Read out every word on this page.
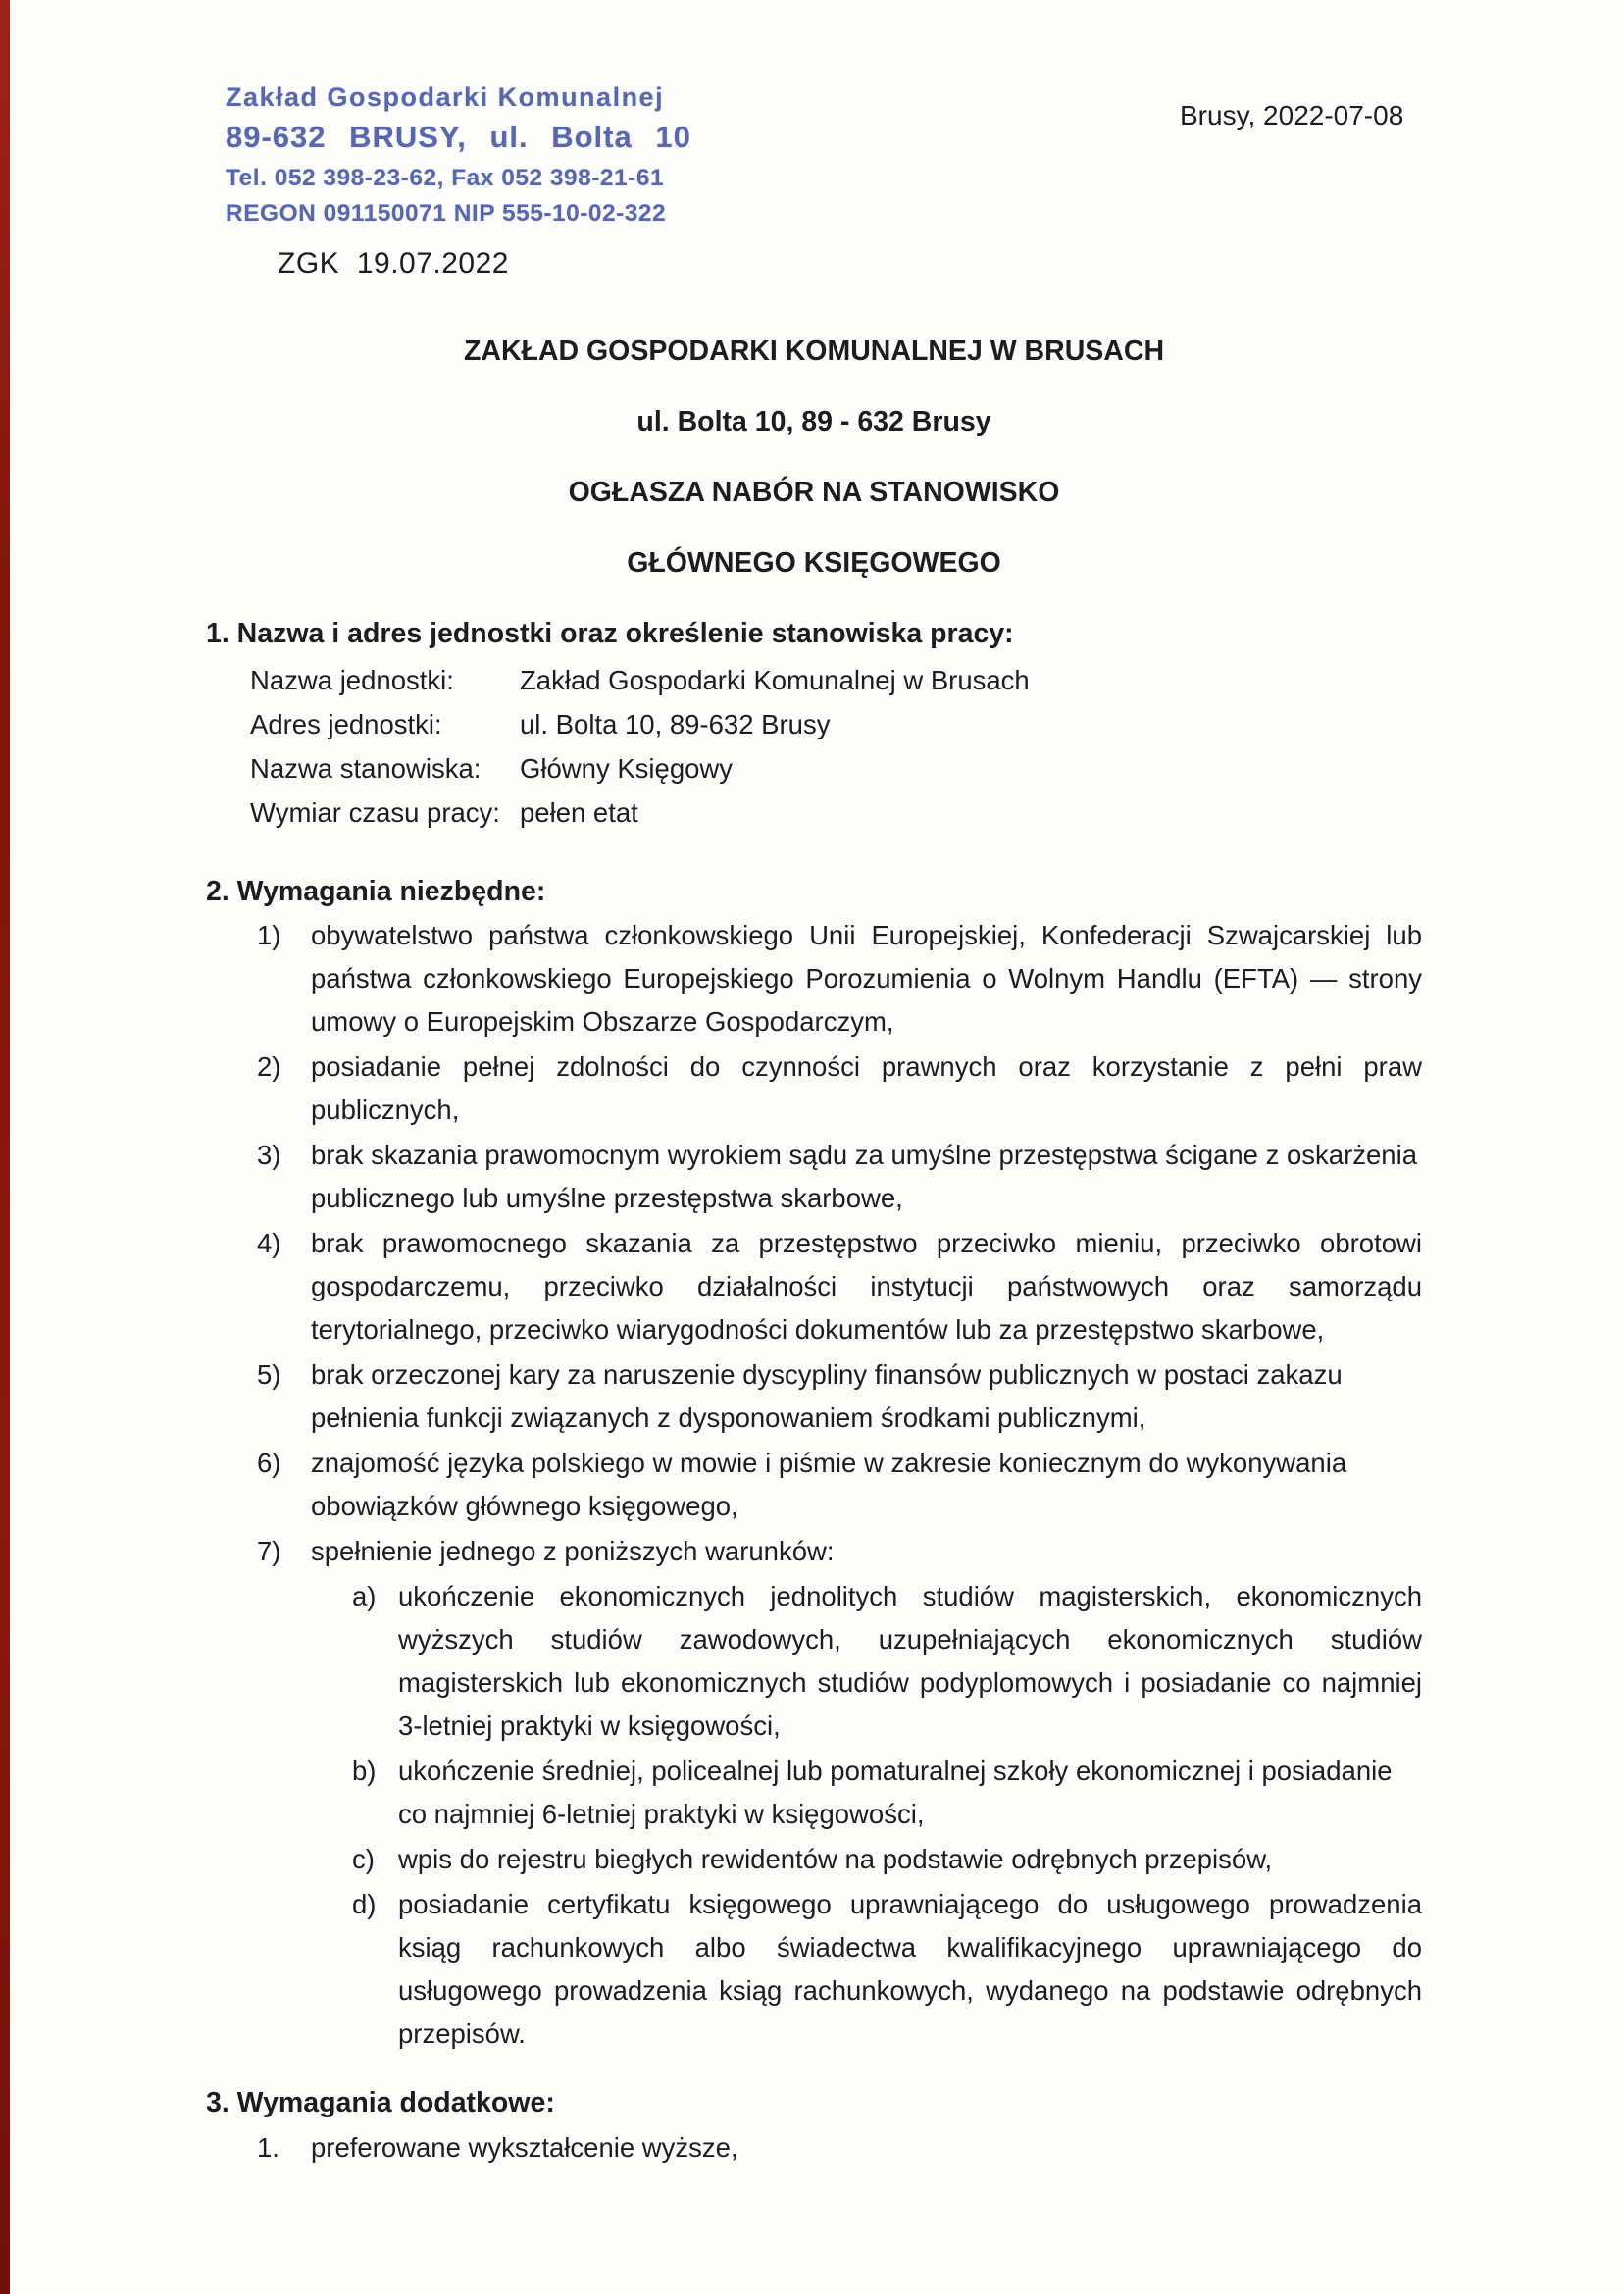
Zakład Gospodarki Komunalnej
89-632 BRUSY, ul. Bolta 10
Tel. 052 398-23-62, Fax 052 398-21-61
REGON 091150071 NIP 555-10-02-322
Brusy, 2022-07-08
ZGK  19.07.2022
ZAKŁAD GOSPODARKI KOMUNALNEJ W BRUSACH
ul. Bolta 10, 89 - 632 Brusy
OGŁASZA NABÓR NA STANOWISKO
GŁÓWNEGO KSIĘGOWEGO
1. Nazwa i adres jednostki oraz określenie stanowiska pracy:
Nazwa jednostki:	Zakład Gospodarki Komunalnej w Brusach
Adres jednostki:	ul. Bolta 10, 89-632 Brusy
Nazwa stanowiska:	Główny Księgowy
Wymiar czasu pracy: pełen etat
2. Wymagania niezbędne:
1)	obywatelstwo państwa członkowskiego Unii Europejskiej, Konfederacji Szwajcarskiej lub państwa członkowskiego Europejskiego Porozumienia o Wolnym Handlu (EFTA) — strony umowy o Europejskim Obszarze Gospodarczym,

2)	posiadanie pełnej zdolności do czynności prawnych oraz korzystanie z pełni praw publicznych,

3)	brak skazania prawomocnym wyrokiem sądu za umyślne przestępstwa ścigane z oskarżenia publicznego lub umyślne przestępstwa skarbowe,

4)	brak prawomocnego skazania za przestępstwo przeciwko mieniu, przeciwko obrotowi gospodarczemu, przeciwko działalności instytucji państwowych oraz samorządu terytorialnego, przeciwko wiarygodności dokumentów lub za przestępstwo skarbowe,

5)	brak orzeczonej kary za naruszenie dyscypliny finansów publicznych w postaci zakazu pełnienia funkcji związanych z dysponowaniem środkami publicznymi,

6)	znajomość języka polskiego w mowie i piśmie w zakresie koniecznym do wykonywania obowiązków głównego księgowego,

7)	spełnienie jednego z poniższych warunków:

a) ukończenie ekonomicznych jednolitych studiów magisterskich, ekonomicznych wyższych studiów zawodowych, uzupełniających ekonomicznych studiów magisterskich lub ekonomicznych studiów podyplomowych i posiadanie co najmniej 3-letniej praktyki w księgowości,

b) ukończenie średniej, policealnej lub pomaturalnej szkoły ekonomicznej i posiadanie co najmniej 6-letniej praktyki w księgowości,

c) wpis do rejestru biegłych rewidentów na podstawie odrębnych przepisów,

d) posiadanie certyfikatu księgowego uprawniającego do usługowego prowadzenia ksiąg rachunkowych albo świadectwa kwalifikacyjnego uprawniającego do usługowego prowadzenia ksiąg rachunkowych, wydanego na podstawie odrębnych przepisów.

3. Wymagania dodatkowe:
1.	preferowane wykształcenie wyższe,
